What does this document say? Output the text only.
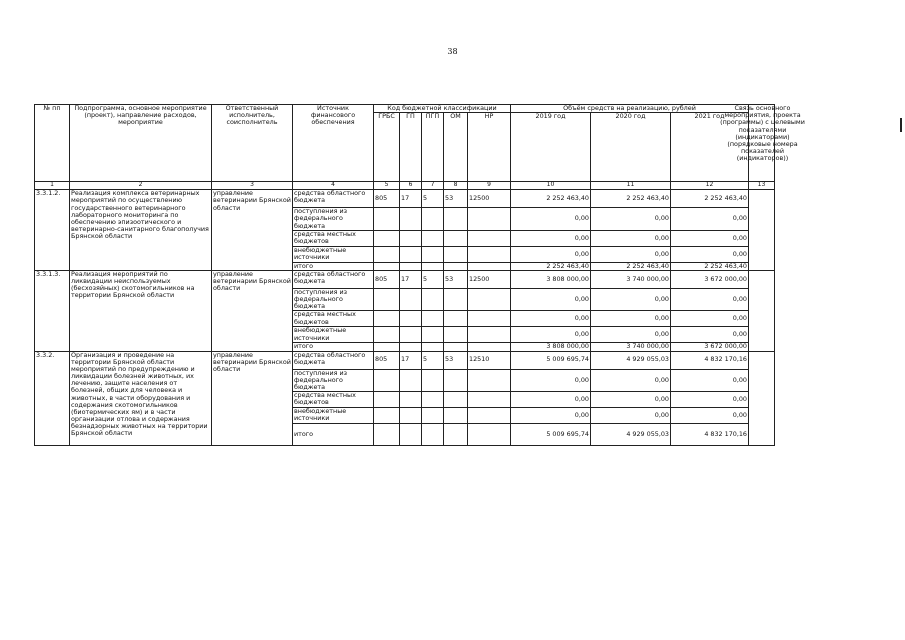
38
№ пп	Подпрограмма, основное мероприятие (проект), направление расходов, мероприятие	Ответственный исполнитель, соисполнитель	Источник финансового обеспечения	Код бюджетной классификации					Объём средств на реализацию, рублей			Связь основного мероприятия, проекта (программы) с целевыми показателями (индикаторами) (порядковые номера показателей (индикаторов))

				ГРБС	ГП	ПГП	ОМ	НР	2019 год	2020 год	2021 год	
1	2	3	4	5	6	7	8	9	10	11	12	13
3.3.1.2.	Реализация комплекса ветеринарных мероприятий по осуществлению государственного ветеринарного лабораторного мониторинга по обеспечению эпизоотического и ветеринарно-санитарного благополучия Брянской области	управление ветеринарии Брянской области	средства областного бюджета	805	17	5	53	12500	2 252 463,40	2 252 463,40	2 252 463,40	
			поступления из федерального бюджета						0,00	0,00	0,00	
			средства местных бюджетов						0,00	0,00	0,00	
			внебюджетные источники						0,00	0,00	0,00	
			итого						2 252 463,40	2 252 463,40	2 252 463,40	
3.3.1.3.	Реализация мероприятий по ликвидации неиспользуемых (бесхозяйных) скотомогильников на территории Брянской области	управление ветеринарии Брянской области	средства областного бюджета	805	17	5	53	12500	3 808 000,00	3 740 000,00	3 672 000,00	
			поступления из федерального бюджета						0,00	0,00	0,00	
			средства местных бюджетов						0,00	0,00	0,00	
			внебюджетные источники						0,00	0,00	0,00	
			итого						3 808 000,00	3 740 000,00	3 672 000,00	
3.3.2.	Организация и проведение на территории Брянской области мероприятий по предупреждению и ликвидации болезней животных, их лечению, защите населения от болезней, общих для человека и животных, в части оборудования и содержания скотомогильников (биотермических ям) и в части организации отлова и содержания безнадзорных животных на территории Брянской области	управление ветеринарии Брянской области	средства областного бюджета	805	17	5	53	12510	5 009 695,74	4 929 055,03	4 832 170,16	
			поступления из федерального бюджета						0,00	0,00	0,00	
			средства местных бюджетов						0,00	0,00	0,00	
			внебюджетные источники						0,00	0,00	0,00	
			итого						5 009 695,74	4 929 055,03	4 832 170,16	
